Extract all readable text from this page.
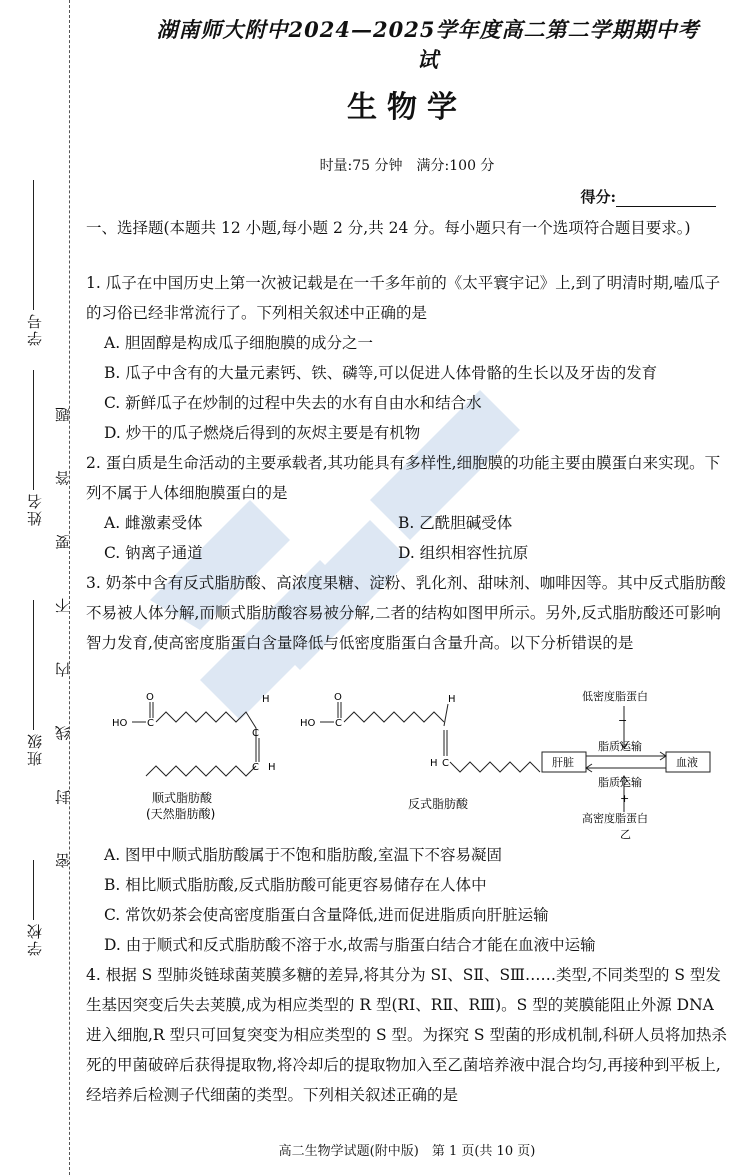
学号
姓名
班级
学校
密 封 线 内 不 要 答 题
湖南师大附中2024—2025学年度高二第二学期期中考试
生物学
时量:75 分钟　满分:100 分
得分:
一、选择题(本题共 12 小题,每小题 2 分,共 24 分。每小题只有一个选项符合题目要求。)
1. 瓜子在中国历史上第一次被记载是在一千多年前的《太平寰宇记》上,到了明清时期,嗑瓜子的习俗已经非常流行了。下列相关叙述中正确的是
A. 胆固醇是构成瓜子细胞膜的成分之一
B. 瓜子中含有的大量元素钙、铁、磷等,可以促进人体骨骼的生长以及牙齿的发育
C. 新鲜瓜子在炒制的过程中失去的水有自由水和结合水
D. 炒干的瓜子燃烧后得到的灰烬主要是有机物
2. 蛋白质是生命活动的主要承载者,其功能具有多样性,细胞膜的功能主要由膜蛋白来实现。下列不属于人体细胞膜蛋白的是
A. 雌激素受体	B. 乙酰胆碱受体
C. 钠离子通道	D. 组织相容性抗原
3. 奶茶中含有反式脂肪酸、高浓度果糖、淀粉、乳化剂、甜味剂、咖啡因等。其中反式脂肪酸不易被人体分解,而顺式脂肪酸容易被分解,二者的结构如图甲所示。另外,反式脂肪酸还可影响智力发育,使高密度脂蛋白含量降低与低密度脂蛋白含量升高。以下分析错误的是
HO
O
C
H
C
C H
顺式脂肪酸
(天然脂肪酸)
HO
O
C
H
H C
反式脂肪酸
低密度脂蛋白
−
脂质运输
肝脏	血液
脂质运输
+
高密度脂蛋白
乙
A. 图甲中顺式脂肪酸属于不饱和脂肪酸,室温下不容易凝固
B. 相比顺式脂肪酸,反式脂肪酸可能更容易储存在人体中
C. 常饮奶茶会使高密度脂蛋白含量降低,进而促进脂质向肝脏运输
D. 由于顺式和反式脂肪酸不溶于水,故需与脂蛋白结合才能在血液中运输
4. 根据 S 型肺炎链球菌荚膜多糖的差异,将其分为 SⅠ、SⅡ、SⅢ……类型,不同类型的 S 型发生基因突变后失去荚膜,成为相应类型的 R 型(RⅠ、RⅡ、RⅢ)。S 型的荚膜能阻止外源 DNA 进入细胞,R 型只可回复突变为相应类型的 S 型。为探究 S 型菌的形成机制,科研人员将加热杀死的甲菌破碎后获得提取物,将冷却后的提取物加入至乙菌培养液中混合均匀,再接种到平板上,经培养后检测子代细菌的类型。下列相关叙述正确的是
高二生物学试题(附中版)　第 1 页(共 10 页)
